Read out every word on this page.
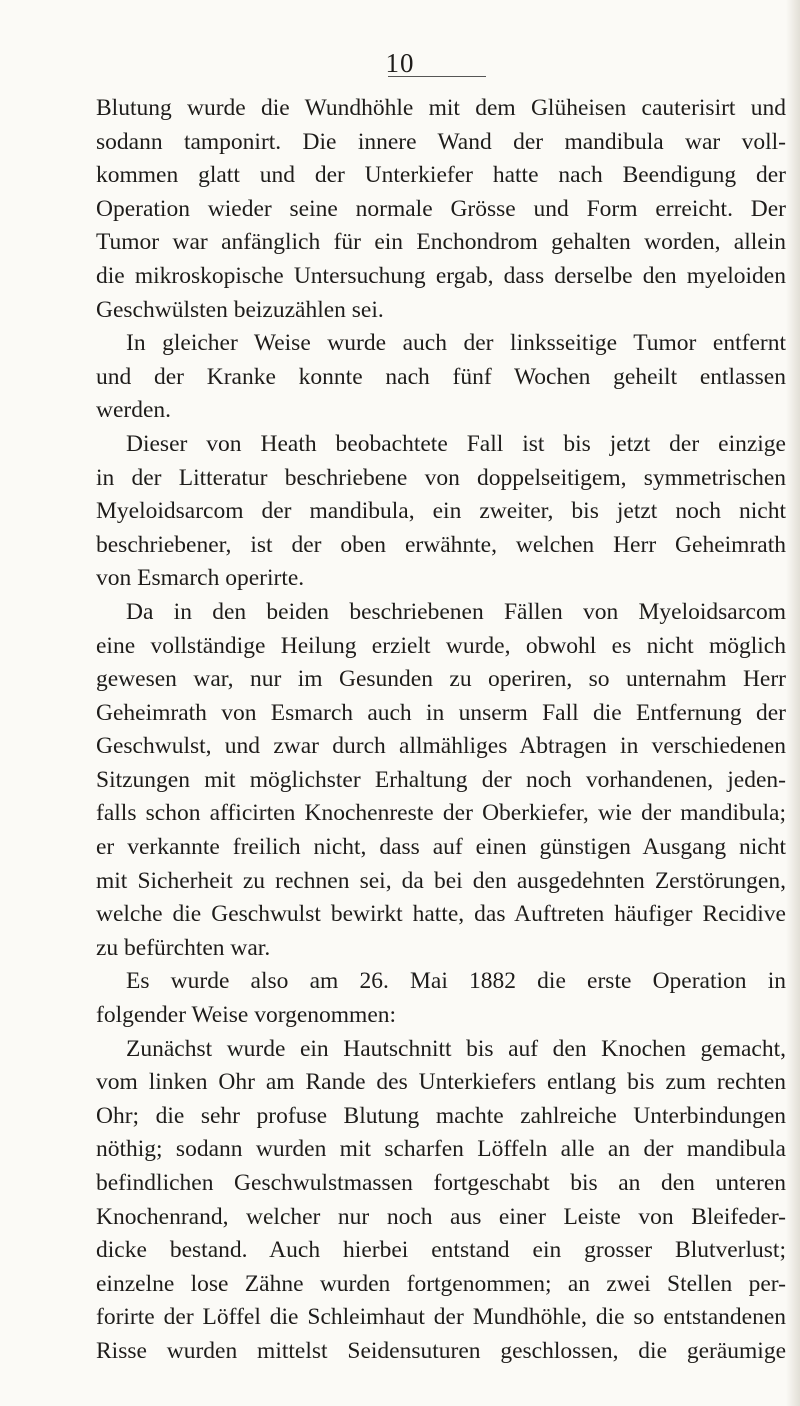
10
Blutung wurde die Wundhöhle mit dem Glüheisen cauterisirt und
sodann tamponirt. Die innere Wand der mandibula war voll-
kommen glatt und der Unterkiefer hatte nach Beendigung der
Operation wieder seine normale Grösse und Form erreicht. Der
Tumor war anfänglich für ein Enchondrom gehalten worden, allein
die mikroskopische Untersuchung ergab, dass derselbe den myeloiden
Geschwülsten beizuzählen sei.
In gleicher Weise wurde auch der linksseitige Tumor entfernt
und der Kranke konnte nach fünf Wochen geheilt entlassen
werden.
Dieser von Heath beobachtete Fall ist bis jetzt der einzige
in der Litteratur beschriebene von doppelseitigem, symmetrischen
Myeloidsarcom der mandibula, ein zweiter, bis jetzt noch nicht
beschriebener, ist der oben erwähnte, welchen Herr Geheimrath
von Esmarch operirte.
Da in den beiden beschriebenen Fällen von Myeloidsarcom
eine vollständige Heilung erzielt wurde, obwohl es nicht möglich
gewesen war, nur im Gesunden zu operiren, so unternahm Herr
Geheimrath von Esmarch auch in unserm Fall die Entfernung der
Geschwulst, und zwar durch allmähliges Abtragen in verschiedenen
Sitzungen mit möglichster Erhaltung der noch vorhandenen, jeden-
falls schon afficirten Knochenreste der Oberkiefer, wie der mandibula;
er verkannte freilich nicht, dass auf einen günstigen Ausgang nicht
mit Sicherheit zu rechnen sei, da bei den ausgedehnten Zerstörungen,
welche die Geschwulst bewirkt hatte, das Auftreten häufiger Recidive
zu befürchten war.
Es wurde also am 26. Mai 1882 die erste Operation in
folgender Weise vorgenommen:
Zunächst wurde ein Hautschnitt bis auf den Knochen gemacht,
vom linken Ohr am Rande des Unterkiefers entlang bis zum rechten
Ohr; die sehr profuse Blutung machte zahlreiche Unterbindungen
nöthig; sodann wurden mit scharfen Löffeln alle an der mandibula
befindlichen Geschwulstmassen fortgeschabt bis an den unteren
Knochenrand, welcher nur noch aus einer Leiste von Bleifeder-
dicke bestand. Auch hierbei entstand ein grosser Blutverlust;
einzelne lose Zähne wurden fortgenommen; an zwei Stellen per-
forirte der Löffel die Schleimhaut der Mundhöhle, die so entstandenen
Risse wurden mittelst Seidensuturen geschlossen, die geräumige
